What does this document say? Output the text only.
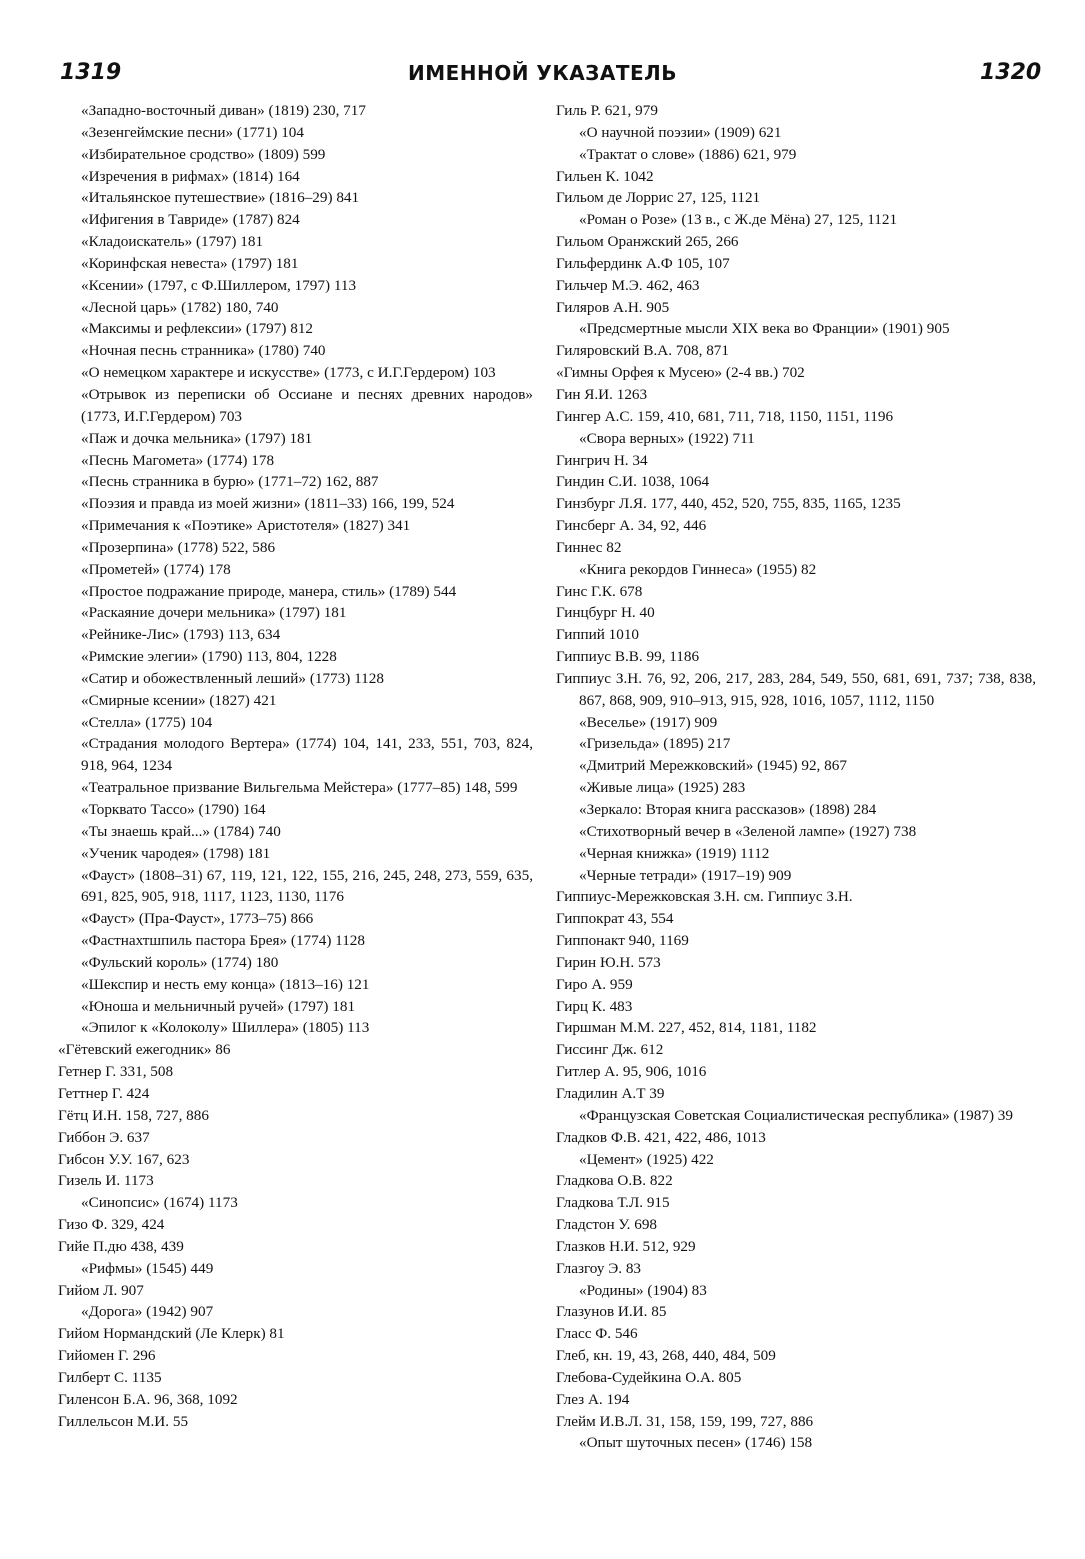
1319	ИМЕННОЙ УКАЗАТЕЛЬ	1320

«Западно-восточный диван» (1819) 230, 717

«Зезенгеймские песни» (1771) 104

«Избирательное сродство» (1809) 599

«Изречения в рифмах» (1814) 164

«Итальянское путешествие» (1816–29) 841

«Ифигения в Тавриде» (1787) 824

«Кладоискатель» (1797) 181

«Коринфская невеста» (1797) 181

«Ксении» (1797, с Ф.Шиллером, 1797) 113

«Лесной царь» (1782) 180, 740

«Максимы и рефлексии» (1797) 812

«Ночная песнь странника» (1780) 740

«О немецком характере и искусстве» (1773, с И.Г.Гердером) 103

«Отрывок из переписки об Оссиане и песнях древних народов» (1773, И.Г.Гердером) 703

«Паж и дочка мельника» (1797) 181

«Песнь Магомета» (1774) 178

«Песнь странника в бурю» (1771–72) 162, 887

«Поэзия и правда из моей жизни» (1811–33) 166, 199, 524

«Примечания к «Поэтике» Аристотеля» (1827) 341

«Прозерпина» (1778) 522, 586

«Прометей» (1774) 178

«Простое подражание природе, манера, стиль» (1789) 544

«Раскаяние дочери мельника» (1797) 181

«Рейнике-Лис» (1793) 113, 634

«Римские элегии» (1790) 113, 804, 1228

«Сатир и обожествленный леший» (1773) 1128

«Смирные ксении» (1827) 421

«Стелла» (1775) 104

«Страдания молодого Вертера» (1774) 104, 141, 233, 551, 703, 824, 918, 964, 1234

«Театральное призвание Вильгельма Мейстера» (1777–85) 148, 599

«Торквато Тассо» (1790) 164

«Ты знаешь край...» (1784) 740

«Ученик чародея» (1798) 181

«Фауст» (1808–31) 67, 119, 121, 122, 155, 216, 245, 248, 273, 559, 635, 691, 825, 905, 918, 1117, 1123, 1130, 1176

«Фауст» (Пра-Фауст», 1773–75) 866

«Фастнахтшпиль пастора Брея» (1774) 1128

«Фульский король» (1774) 180

«Шекспир и несть ему конца» (1813–16) 121

«Юноша и мельничный ручей» (1797) 181

«Эпилог к «Колоколу» Шиллера» (1805) 113

«Гётевский ежегодник» 86

Гетнер Г. 331, 508

Геттнер Г. 424

Гётц И.Н. 158, 727, 886

Гиббон Э. 637

Гибсон У.У. 167, 623

Гизель И. 1173

«Синопсис» (1674) 1173

Гизо Ф. 329, 424

Гийе П.дю 438, 439

«Рифмы» (1545) 449

Гийом Л. 907

«Дорога» (1942) 907

Гийом Нормандский (Ле Клерк) 81

Гийомен Г. 296

Гилберт С. 1135

Гиленсон Б.А. 96, 368, 1092

Гиллельсон М.И. 55

Гиль Р. 621, 979

«О научной поэзии» (1909) 621

«Трактат о слове» (1886) 621, 979

Гильен К. 1042

Гильом де Лоррис 27, 125, 1121

«Роман о Розе» (13 в., с Ж.де Мёна) 27, 125, 1121

Гильом Оранжский 265, 266

Гильфердинк А.Ф 105, 107

Гильчер М.Э. 462, 463

Гиляров А.Н. 905

«Предсмертные мысли XIX века во Франции» (1901) 905

Гиляровский В.А. 708, 871

«Гимны Орфея к Мусею» (2-4 вв.) 702

Гин Я.И. 1263

Гингер А.С. 159, 410, 681, 711, 718, 1150, 1151, 1196

«Свора верных» (1922) 711

Гингрич Н. 34

Гиндин С.И. 1038, 1064

Гинзбург Л.Я. 177, 440, 452, 520, 755, 835, 1165, 1235

Гинсберг А. 34, 92, 446

Гиннес 82

«Книга рекордов Гиннеса» (1955) 82

Гинс Г.К. 678

Гинцбург Н. 40

Гиппий 1010

Гиппиус В.В. 99, 1186

Гиппиус З.Н. 76, 92, 206, 217, 283, 284, 549, 550, 681, 691, 737; 738, 838, 867, 868, 909, 910–913, 915, 928, 1016, 1057, 1112, 1150

«Веселье» (1917) 909

«Гризельда» (1895) 217

«Дмитрий Мережковский» (1945) 92, 867

«Живые лица» (1925) 283

«Зеркало: Вторая книга рассказов» (1898) 284

«Стихотворный вечер в «Зеленой лампе» (1927) 738

«Черная книжка» (1919) 1112

«Черные тетради» (1917–19) 909

Гиппиус-Мережковская З.Н. см. Гиппиус З.Н.

Гиппократ 43, 554

Гиппонакт 940, 1169

Гирин Ю.Н. 573

Гиро А. 959

Гирц К. 483

Гиршман М.М. 227, 452, 814, 1181, 1182

Гиссинг Дж. 612

Гитлер А. 95, 906, 1016

Гладилин А.Т 39

«Французская Советская Социалистическая республика» (1987) 39

Гладков Ф.В. 421, 422, 486, 1013

«Цемент» (1925) 422

Гладкова О.В. 822

Гладкова Т.Л. 915

Гладстон У. 698

Глазков Н.И. 512, 929

Глазгоу Э. 83

«Родины» (1904) 83

Глазунов И.И. 85

Гласс Ф. 546

Глеб, кн. 19, 43, 268, 440, 484, 509

Глебова-Судейкина О.А. 805

Глез А. 194

Глейм И.В.Л. 31, 158, 159, 199, 727, 886

«Опыт шуточных песен» (1746) 158
